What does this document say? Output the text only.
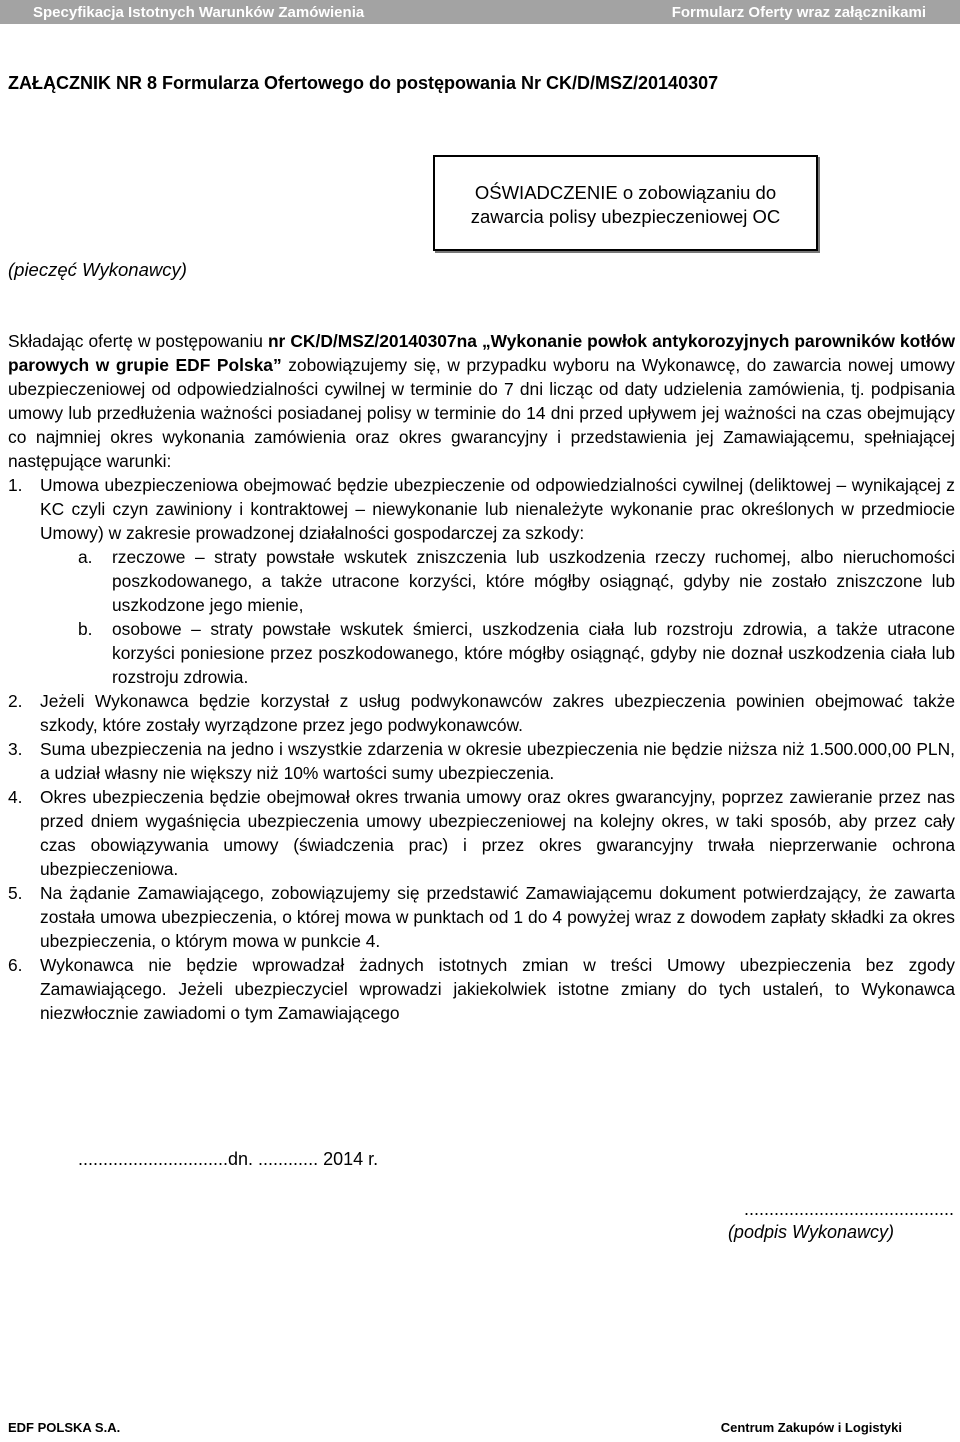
Specyfikacja Istotnych Warunków Zamówienia	Formularz Oferty wraz załącznikami
ZAŁĄCZNIK NR 8 Formularza Ofertowego do postępowania Nr CK/D/MSZ/20140307
OŚWIADCZENIE o zobowiązaniu do
zawarcia polisy ubezpieczeniowej OC
(pieczęć Wykonawcy)

Składając ofertę w postępowaniu nr CK/D/MSZ/20140307na „Wykonanie powłok antykorozyjnych parowników kotłów parowych w grupie EDF Polska” zobowiązujemy się, w przypadku wyboru na Wykonawcę, do zawarcia nowej umowy ubezpieczeniowej od odpowiedzialności cywilnej w terminie do 7 dni licząc od daty udzielenia zamówienia, tj. podpisania umowy lub przedłużenia ważności posiadanej polisy w terminie do 14 dni przed upływem jej ważności na czas obejmujący co najmniej okres wykonania zamówienia oraz okres gwarancyjny i przedstawienia jej Zamawiającemu, spełniającej następujące warunki:

1.	Umowa ubezpieczeniowa obejmować będzie ubezpieczenie od odpowiedzialności cywilnej (deliktowej – wynikającej z KC czyli czyn zawiniony i kontraktowej – niewykonanie lub nienależyte wykonanie prac określonych w przedmiocie Umowy) w zakresie prowadzonej działalności gospodarczej za szkody:
a.	rzeczowe – straty powstałe wskutek zniszczenia lub uszkodzenia rzeczy ruchomej, albo nieruchomości poszkodowanego, a także utracone korzyści, które mógłby osiągnąć, gdyby nie zostało zniszczone lub uszkodzone jego mienie,
b.	osobowe – straty powstałe wskutek śmierci, uszkodzenia ciała lub rozstroju zdrowia, a także utracone korzyści poniesione przez poszkodowanego, które mógłby osiągnąć, gdyby nie doznał uszkodzenia ciała lub rozstroju zdrowia.
2.	Jeżeli Wykonawca będzie korzystał z usług podwykonawców zakres ubezpieczenia powinien obejmować także szkody, które zostały wyrządzone przez jego podwykonawców.
3.	Suma ubezpieczenia na jedno i wszystkie zdarzenia w okresie ubezpieczenia nie będzie niższa niż 1.500.000,00 PLN, a udział własny nie większy niż 10% wartości sumy ubezpieczenia.
4.	Okres ubezpieczenia będzie obejmował okres trwania umowy oraz okres gwarancyjny, poprzez zawieranie przez nas przed dniem wygaśnięcia ubezpieczenia umowy ubezpieczeniowej na kolejny okres, w taki sposób, aby przez cały czas obowiązywania umowy (świadczenia prac) i przez okres gwarancyjny trwała nieprzerwanie ochrona ubezpieczeniowa.
5.	Na żądanie Zamawiającego, zobowiązujemy się przedstawić Zamawiającemu dokument potwierdzający, że zawarta została umowa ubezpieczenia, o której mowa w punktach od 1 do 4 powyżej wraz z dowodem zapłaty składki za okres ubezpieczenia, o którym mowa w punkcie 4.
6.	Wykonawca nie będzie wprowadzał żadnych istotnych zmian w treści Umowy ubezpieczenia bez zgody Zamawiającego. Jeżeli ubezpieczyciel wprowadzi jakiekolwiek istotne zmiany do tych ustaleń, to Wykonawca niezwłocznie zawiadomi o tym Zamawiającego
..............................dn. ............ 2014 r.
..........................................
(podpis Wykonawcy)
EDF POLSKA S.A.	Centrum Zakupów i Logistyki
